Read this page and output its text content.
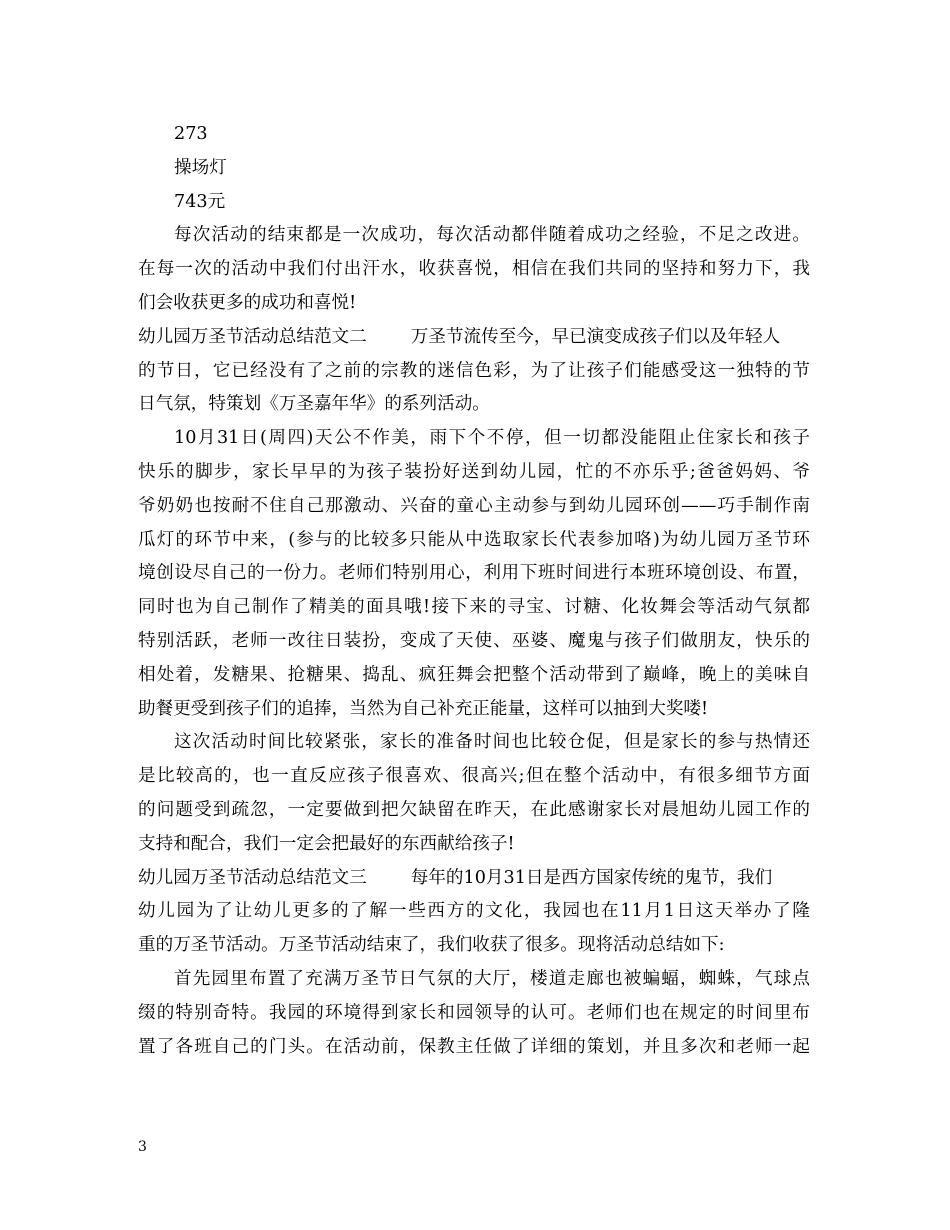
273
操场灯
743元
每次活动的结束都是一次成功，每次活动都伴随着成功之经验，不足之改进。
在每一次的活动中我们付出汗水，收获喜悦，相信在我们共同的坚持和努力下，我
们会收获更多的成功和喜悦!
幼儿园万圣节活动总结范文二	万圣节流传至今，早已演变成孩子们以及年轻人
的节日，它已经没有了之前的宗教的迷信色彩，为了让孩子们能感受这一独特的节
日气氛，特策划《万圣嘉年华》的系列活动。
10月31日(周四)天公不作美，雨下个不停，但一切都没能阻止住家长和孩子
快乐的脚步，家长早早的为孩子装扮好送到幼儿园，忙的不亦乐乎;爸爸妈妈、爷
爷奶奶也按耐不住自己那激动、兴奋的童心主动参与到幼儿园环创——巧手制作南
瓜灯的环节中来，(参与的比较多只能从中选取家长代表参加咯)为幼儿园万圣节环
境创设尽自己的一份力。老师们特别用心，利用下班时间进行本班环境创设、布置，
同时也为自己制作了精美的面具哦!接下来的寻宝、讨糖、化妆舞会等活动气氛都
特别活跃，老师一改往日装扮，变成了天使、巫婆、魔鬼与孩子们做朋友，快乐的
相处着，发糖果、抢糖果、捣乱、疯狂舞会把整个活动带到了巅峰，晚上的美味自
助餐更受到孩子们的追捧，当然为自己补充正能量，这样可以抽到大奖喽!
这次活动时间比较紧张，家长的准备时间也比较仓促，但是家长的参与热情还
是比较高的，也一直反应孩子很喜欢、很高兴;但在整个活动中，有很多细节方面
的问题受到疏忽，一定要做到把欠缺留在昨天，在此感谢家长对晨旭幼儿园工作的
支持和配合，我们一定会把最好的东西献给孩子!
幼儿园万圣节活动总结范文三	每年的10月31日是西方国家传统的鬼节，我们
幼儿园为了让幼儿更多的了解一些西方的文化，我园也在11月1日这天举办了隆
重的万圣节活动。万圣节活动结束了，我们收获了很多。现将活动总结如下:
首先园里布置了充满万圣节日气氛的大厅，楼道走廊也被蝙蝠，蜘蛛，气球点
缀的特别奇特。我园的环境得到家长和园领导的认可。老师们也在规定的时间里布
置了各班自己的门头。在活动前，保教主任做了详细的策划，并且多次和老师一起
3
